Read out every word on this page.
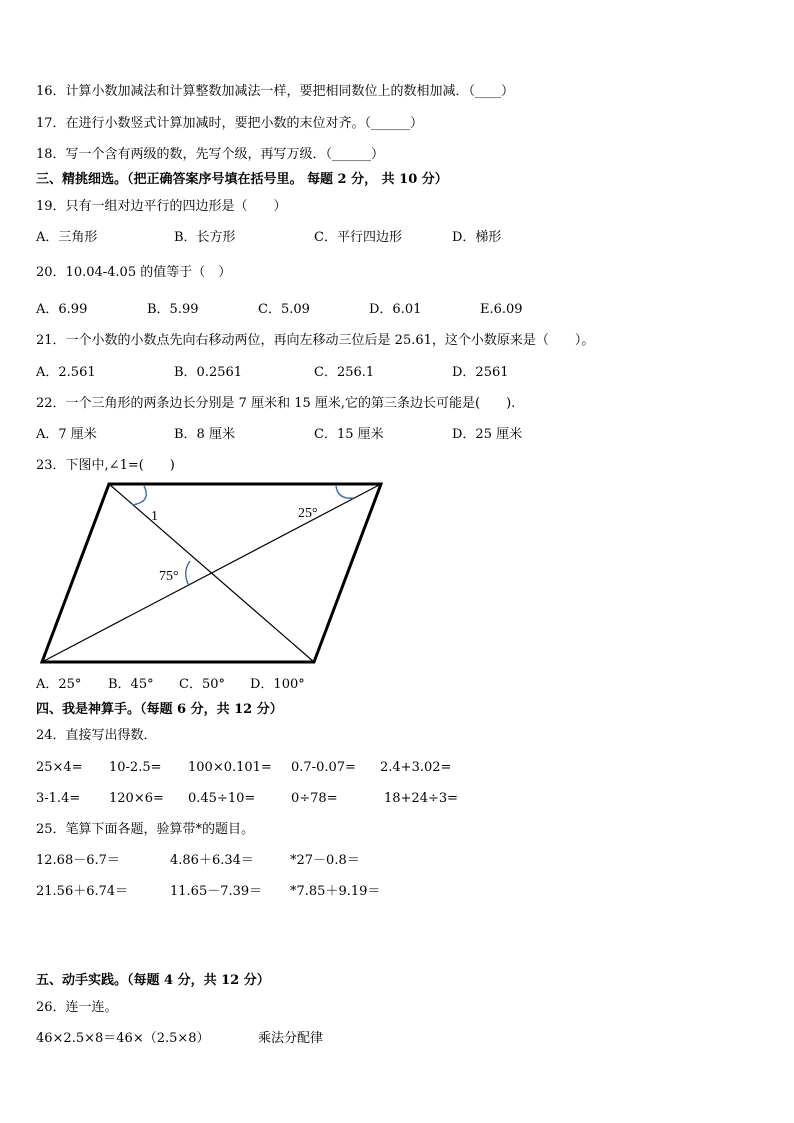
16．计算小数加减法和计算整数加减法一样，要把相同数位上的数相加减．（____）
17．在进行小数竖式计算加减时，要把小数的末位对齐。（______）
18．写一个含有两级的数，先写个级，再写万级．（______）
三、精挑细选。（把正确答案序号填在括号里。 每题 2 分， 共 10 分）
19．只有一组对边平行的四边形是（　　）
A．三角形	B．长方形	C．平行四边形	D．梯形
20．10.04-4.05 的值等于（　）
A．6.99	B．5.99	C．5.09	D．6.01	E.6.09
21．一个小数的小数点先向右移动两位，再向左移动三位后是 25.61，这个小数原来是（　　）。
A．2.561	B．0.2561	C．256.1	D．2561
22．一个三角形的两条边长分别是 7 厘米和 15 厘米,它的第三条边长可能是(　　).
A．7 厘米	B．8 厘米	C．15 厘米	D．25 厘米
23．下图中,∠1=(　　)
1	25°
75°
A．25° B．45° C．50° D．100°
四、我是神算手。（每题 6 分，共 12 分）
24．直接写出得数．
25×4= 10-2.5= 100×0.101= 0.7-0.07= 2.4+3.02=
3-1.4= 120×6= 0.45÷10=	0÷78=	18+24÷3=
25．笔算下面各题，验算带*的题目。
12.68－6.7＝	4.86＋6.34＝	*27－0.8＝
21.56＋6.74＝	11.65－7.39＝ *7.85＋9.19＝
五、动手实践。（每题 4 分，共 12 分）
26．连一连。
46×2.5×8＝46×（2.5×8）	乘法分配律
